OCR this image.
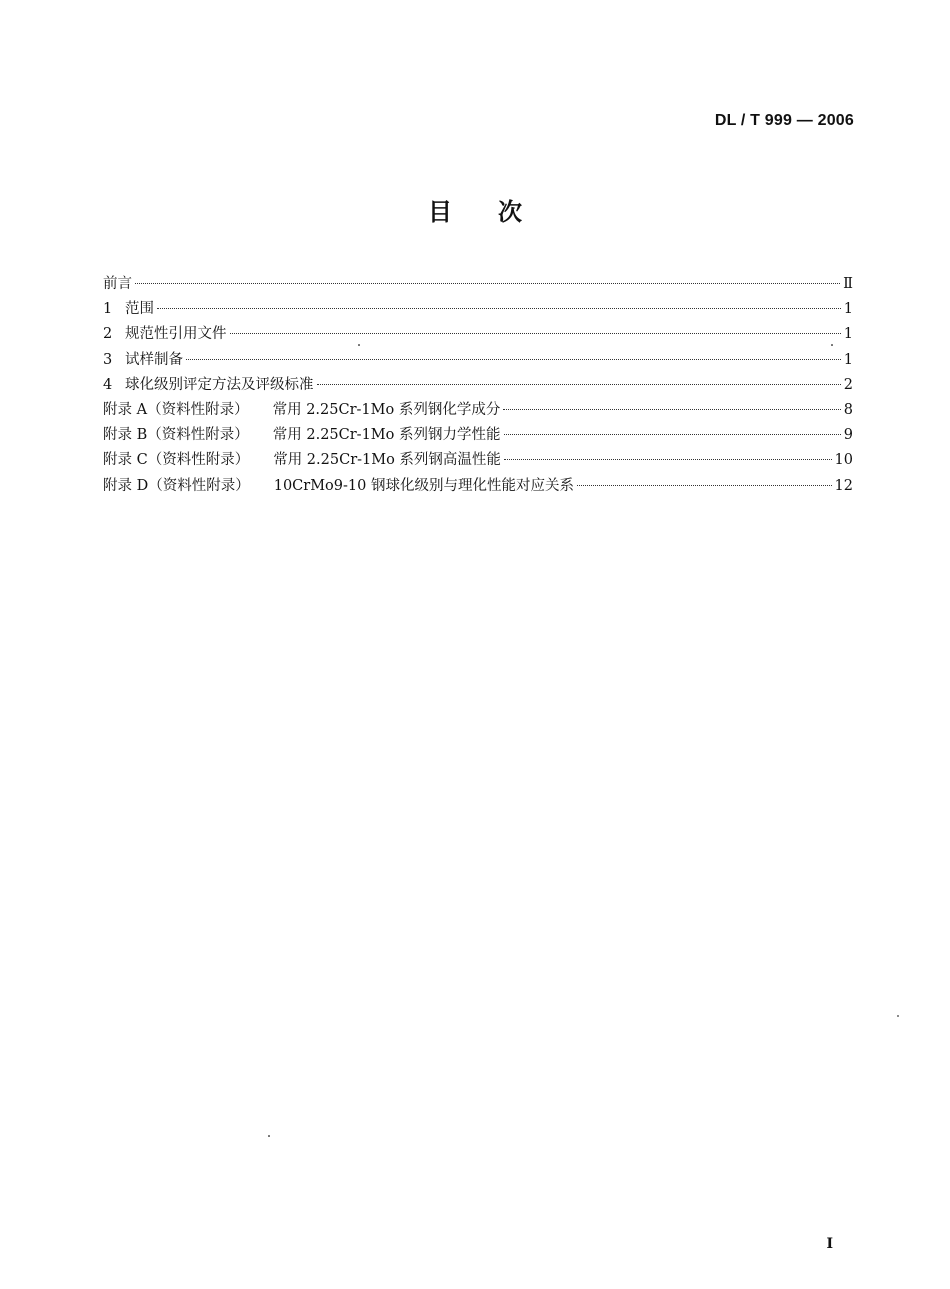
DL / T 999 — 2006
目 次
前言	Ⅱ
1 范围	1
2 规范性引用文件	1
3 试样制备	1
4 球化级别评定方法及评级标准	2
附录 A（资料性附录） 常用 2.25Cr-1Mo 系列钢化学成分	8
附录 B（资料性附录） 常用 2.25Cr-1Mo 系列钢力学性能	9
附录 C（资料性附录） 常用 2.25Cr-1Mo 系列钢高温性能	10
附录 D（资料性附录） 10CrMo9-10 钢球化级别与理化性能对应关系	12
I
